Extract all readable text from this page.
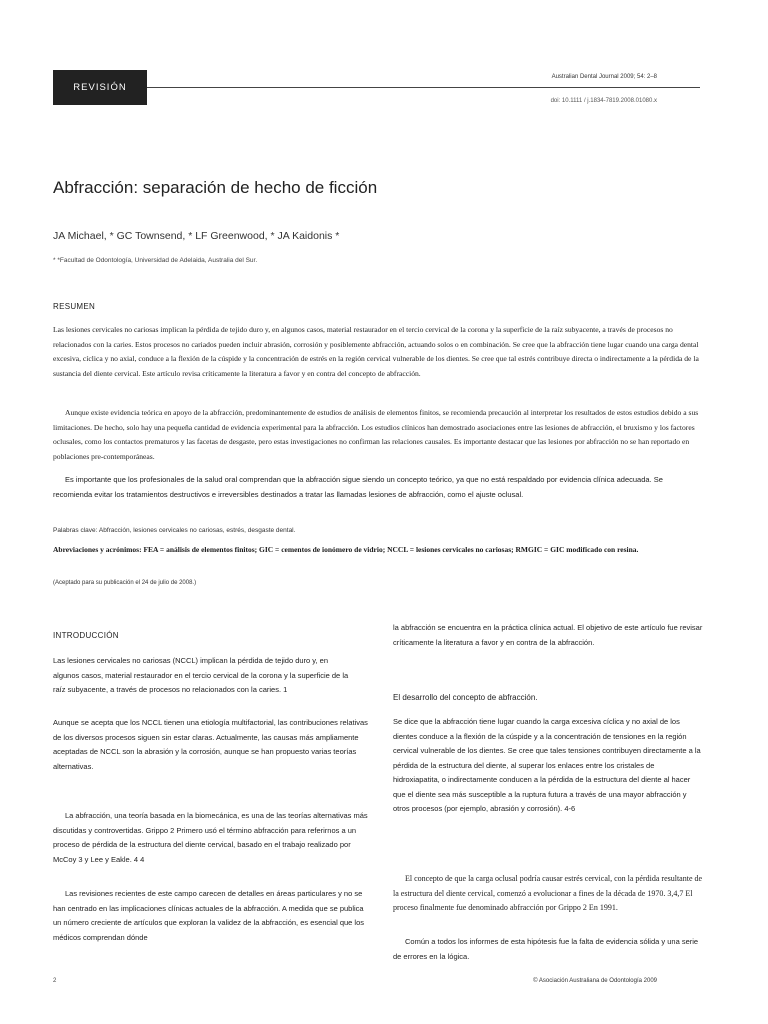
REVISIÓN
Australian Dental Journal 2009; 54: 2–8
doi: 10.1111 / j.1834-7819.2008.01080.x
Abfracción: separación de hecho de ficción
JA Michael, * GC Townsend, * LF Greenwood, * JA Kaidonis *
* *Facultad de Odontología, Universidad de Adelaida, Australia del Sur.
RESUMEN

Las lesiones cervicales no cariosas implican la pérdida de tejido duro y, en algunos casos, material restaurador en el tercio cervical de la corona y la superficie de la raíz subyacente, a través de procesos no relacionados con la caries. Estos procesos no cariados pueden incluir abrasión, corrosión y posiblemente abfracción, actuando solos o en combinación. Se cree que la abfracción tiene lugar cuando una carga dental excesiva, cíclica y no axial, conduce a la flexión de la cúspide y la concentración de estrés en la región cervical vulnerable de los dientes. Se cree que tal estrés contribuye directa o indirectamente a la pérdida de la sustancia del diente cervical. Este artículo revisa críticamente la literatura a favor y en contra del concepto de abfracción.

Aunque existe evidencia teórica en apoyo de la abfracción, predominantemente de estudios de análisis de elementos finitos, se recomienda precaución al interpretar los resultados de estos estudios debido a sus limitaciones. De hecho, solo hay una pequeña cantidad de evidencia experimental para la abfracción. Los estudios clínicos han demostrado asociaciones entre las lesiones de abfracción, el bruxismo y los factores oclusales, como los contactos prematuros y las facetas de desgaste, pero estas investigaciones no confirman las relaciones causales. Es importante destacar que las lesiones por abfracción no se han reportado en poblaciones pre-contemporáneas.

Es importante que los profesionales de la salud oral comprendan que la abfracción sigue siendo un concepto teórico, ya que no está respaldado por evidencia clínica adecuada. Se recomienda evitar los tratamientos destructivos e irreversibles destinados a tratar las llamadas lesiones de abfracción, como el ajuste oclusal.

Palabras clave: Abfracción, lesiones cervicales no cariosas, estrés, desgaste dental.
Abreviaciones y acrónimos: FEA = análisis de elementos finitos; GIC = cementos de ionómero de vidrio; NCCL = lesiones cervicales no cariosas; RMGIC = GIC modificado con resina.
(Aceptado para su publicación el 24 de julio de 2008.)
INTRODUCCIÓN

Las lesiones cervicales no cariosas (NCCL) implican la pérdida de tejido duro y, en algunos casos, material restaurador en el tercio cervical de la corona y la superficie de la raíz subyacente, a través de procesos no relacionados con la caries. 1

Aunque se acepta que los NCCL tienen una etiología multifactorial, las contribuciones relativas de los diversos procesos siguen sin estar claras. Actualmente, las causas más ampliamente aceptadas de NCCL son la abrasión y la corrosión, aunque se han propuesto varias teorías alternativas.

La abfracción, una teoría basada en la biomecánica, es una de las teorías alternativas más discutidas y controvertidas. Grippo 2 Primero usó el término abfracción para referirnos a un proceso de pérdida de la estructura del diente cervical, basado en el trabajo realizado por McCoy 3 y Lee y Eakle. 4 4

Las revisiones recientes de este campo carecen de detalles en áreas particulares y no se han centrado en las implicaciones clínicas actuales de la abfracción. A medida que se publica un número creciente de artículos que exploran la validez de la abfracción, es esencial que los médicos comprendan dónde

la abfracción se encuentra en la práctica clínica actual. El objetivo de este artículo fue revisar críticamente la literatura a favor y en contra de la abfracción.

El desarrollo del concepto de abfracción.

Se dice que la abfracción tiene lugar cuando la carga excesiva cíclica y no axial de los dientes conduce a la flexión de la cúspide y a la concentración de tensiones en la región cervical vulnerable de los dientes. Se cree que tales tensiones contribuyen directamente a la pérdida de la estructura del diente, al superar los enlaces entre los cristales de hidroxiapatita, o indirectamente conducen a la pérdida de la estructura del diente al hacer que el diente sea más susceptible a la ruptura futura a través de una mayor abfracción y otros procesos (por ejemplo, abrasión y corrosión). 4-6

El concepto de que la carga oclusal podría causar estrés cervical, con la pérdida resultante de la estructura del diente cervical, comenzó a evolucionar a fines de la década de 1970. 3,4,7 El proceso finalmente fue denominado abfracción por Grippo 2 En 1991.

Común a todos los informes de esta hipótesis fue la falta de evidencia sólida y una serie de errores en la lógica.

2	© Asociación Australiana de Odontología 2009
